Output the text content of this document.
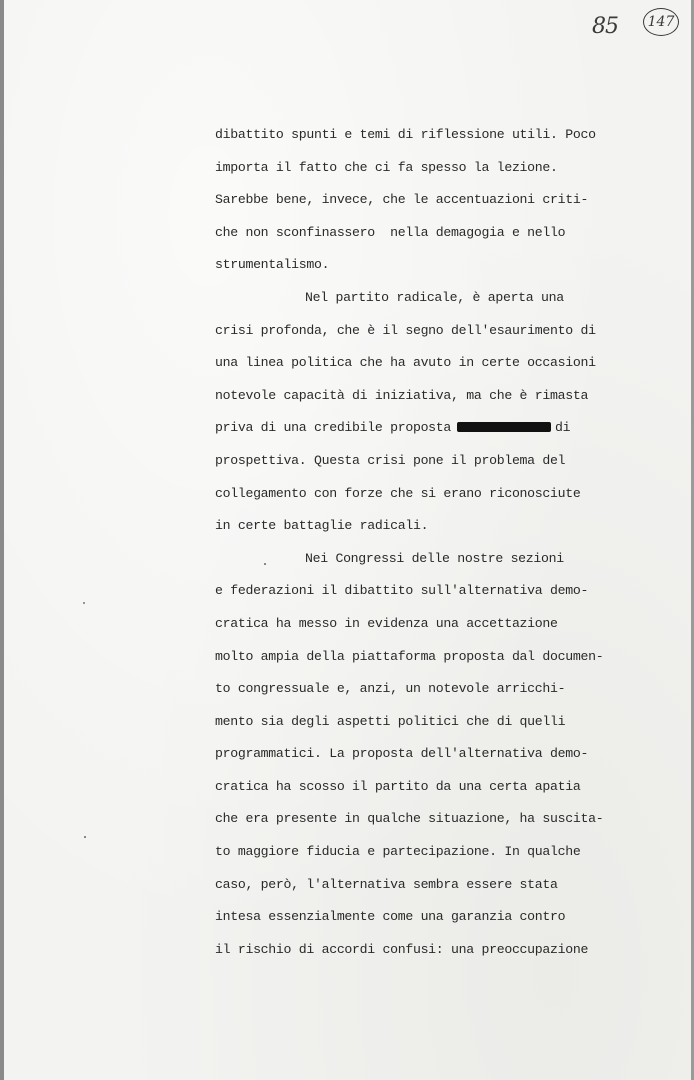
85 147
dibattito spunti e temi di riflessione utili. Poco
importa il fatto che ci fa spesso la lezione.
Sarebbe bene, invece, che le accentuazioni criti-
che non sconfinassero  nella demagogia e nello
strumentalismo.
Nel partito radicale, è aperta una
crisi profonda, che è il segno dell'esaurimento di
una linea politica che ha avuto in certe occasioni
notevole capacità di iniziativa, ma che è rimasta
priva di una credibile proposta	di
prospettiva. Questa crisi pone il problema del
collegamento con forze che si erano riconosciute
in certe battaglie radicali.
Nei Congressi delle nostre sezioni
e federazioni il dibattito sull'alternativa demo-
cratica ha messo in evidenza una accettazione
molto ampia della piattaforma proposta dal documen-
to congressuale e, anzi, un notevole arricchi-
mento sia degli aspetti politici che di quelli
programmatici. La proposta dell'alternativa demo-
cratica ha scosso il partito da una certa apatia
che era presente in qualche situazione, ha suscita-
to maggiore fiducia e partecipazione. In qualche
caso, però, l'alternativa sembra essere stata
intesa essenzialmente come una garanzia contro
il rischio di accordi confusi: una preoccupazione
